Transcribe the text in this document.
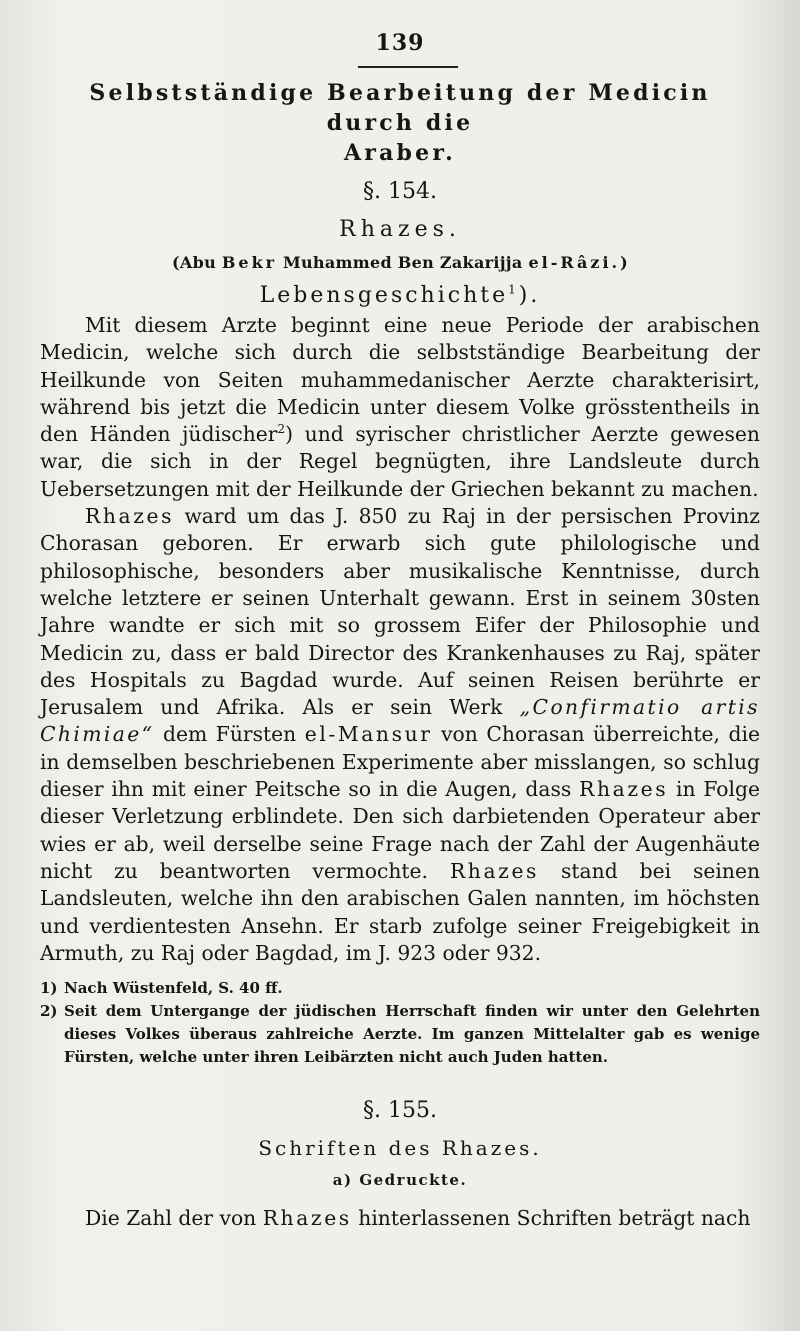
139
Selbstständige Bearbeitung der Medicin durch die
Araber.
§. 154.
Rhazes.
(Abu Bekr Muhammed Ben Zakarijja el-Râzi.)
Lebensgeschichte$^1$).

Mit diesem Arzte beginnt eine neue Periode der arabischen Medicin, welche sich durch die selbstständige Bearbeitung der Heilkunde von Seiten muhammedanischer Aerzte charakterisirt, während bis jetzt die Medicin unter diesem Volke grösstentheils in den Händen jüdischer$^2$) und syrischer christlicher Aerzte gewesen war, die sich in der Regel begnügten, ihre Landsleute durch Uebersetzungen mit der Heilkunde der Griechen bekannt zu machen.

Rhazes ward um das J. 850 zu Raj in der persischen Provinz Chorasan geboren. Er erwarb sich gute philologische und philosophische, besonders aber musikalische Kenntnisse, durch welche letztere er seinen Unterhalt gewann. Erst in seinem 30sten Jahre wandte er sich mit so grossem Eifer der Philosophie und Medicin zu, dass er bald Director des Krankenhauses zu Raj, später des Hospitals zu Bagdad wurde. Auf seinen Reisen berührte er Jerusalem und Afrika. Als er sein Werk „Confirmatio artis Chimiae“ dem Fürsten el-Mansur von Chorasan überreichte, die in demselben beschriebenen Experimente aber misslangen, so schlug dieser ihn mit einer Peitsche so in die Augen, dass Rhazes in Folge dieser Verletzung erblindete. Den sich darbietenden Operateur aber wies er ab, weil derselbe seine Frage nach der Zahl der Augenhäute nicht zu beantworten vermochte. Rhazes stand bei seinen Landsleuten, welche ihn den arabischen Galen nannten, im höchsten und verdientesten Ansehn. Er starb zufolge seiner Freigebigkeit in Armuth, zu Raj oder Bagdad, im J. 923 oder 932.

1) Nach Wüstenfeld, S. 40 ff.
2) Seit dem Untergange der jüdischen Herrschaft finden wir unter den Gelehrten dieses Volkes überaus zahlreiche Aerzte. Im ganzen Mittelalter gab es wenige Fürsten, welche unter ihren Leibärzten nicht auch Juden hatten.
§. 155.
Schriften des Rhazes.
a) Gedruckte.
Die Zahl der von Rhazes hinterlassenen Schriften beträgt nach
